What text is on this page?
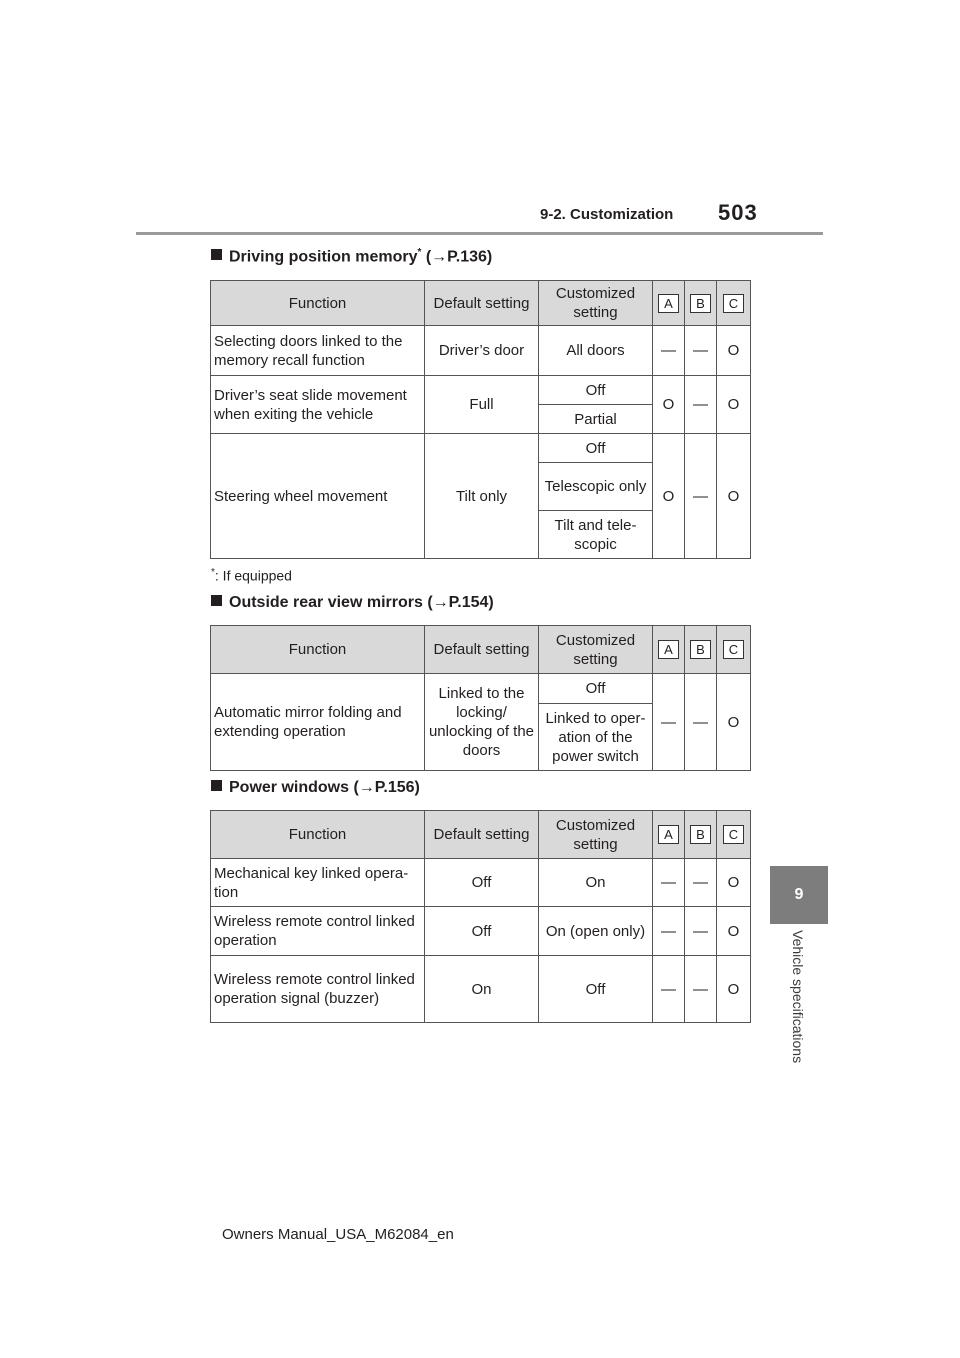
9-2. Customization 503
9
Vehicle specifications
Driving position memory* (→P.136)
Function	Default setting	Customized setting	A	B	C
Selecting doors linked to the memory recall function	Driver’s door	All doors	—	—	O
Driver’s seat slide movement when exiting the vehicle	Full	Off	O	—	O
		Partial			
Steering wheel movement	Tilt only	Off	O	—	O
		Telescopic only			
		Tilt and tele-scopic			
*: If equipped
Outside rear view mirrors (→P.154)
Function	Default setting	Customized setting	A	B	C
Automatic mirror folding and extending operation	Linked to the locking/ unlocking of the doors	Off	—	—	O
		Linked to oper-ation of the power switch			
Power windows (→P.156)
Function	Default setting	Customized setting	A	B	C
Mechanical key linked opera-tion	Off	On	—	—	O
Wireless remote control linked operation	Off	On (open only)	—	—	O
Wireless remote control linked operation signal (buzzer)	On	Off	—	—	O
Owners Manual_USA_M62084_en
